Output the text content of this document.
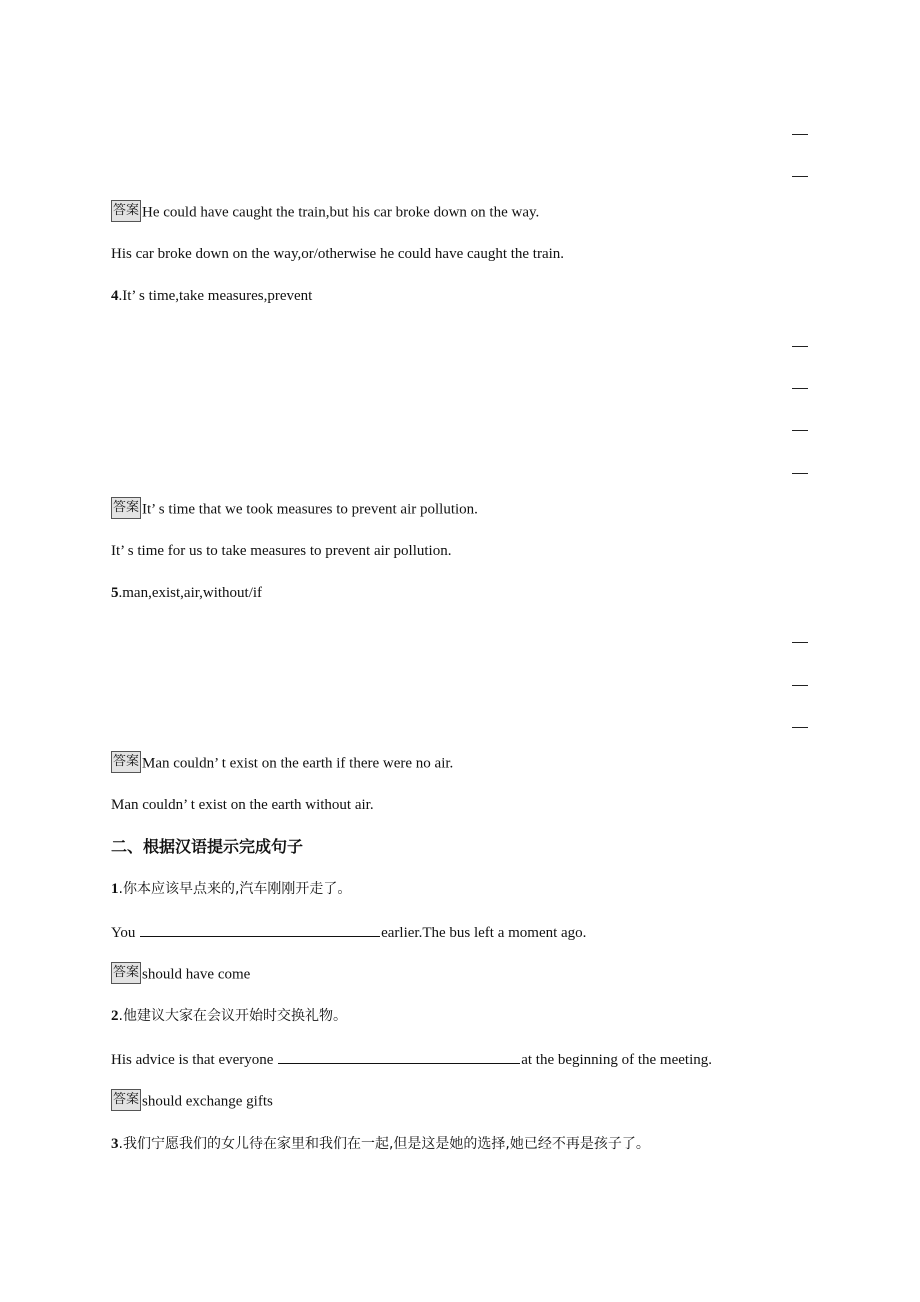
答案 He could have caught the train,but his car broke down on the way.
His car broke down on the way,or/otherwise he could have caught the train.
4.It’ s time,take measures,prevent
答案 It’ s time that we took measures to prevent air pollution.
It’ s time for us to take measures to prevent air pollution.
5.man,exist,air,without/if
答案 Man couldn’ t exist on the earth if there were no air.
Man couldn’ t exist on the earth without air.
二、根据汉语提示完成句子
1.你本应该早点来的,汽车刚刚开走了。
You	earlier.The bus left a moment ago.
答案 should have come
2.他建议大家在会议开始时交换礼物。
His advice is that everyone	at the beginning of the meeting.
答案 should exchange gifts
3.我们宁愿我们的女儿待在家里和我们在一起,但是这是她的选择,她已经不再是孩子了。
